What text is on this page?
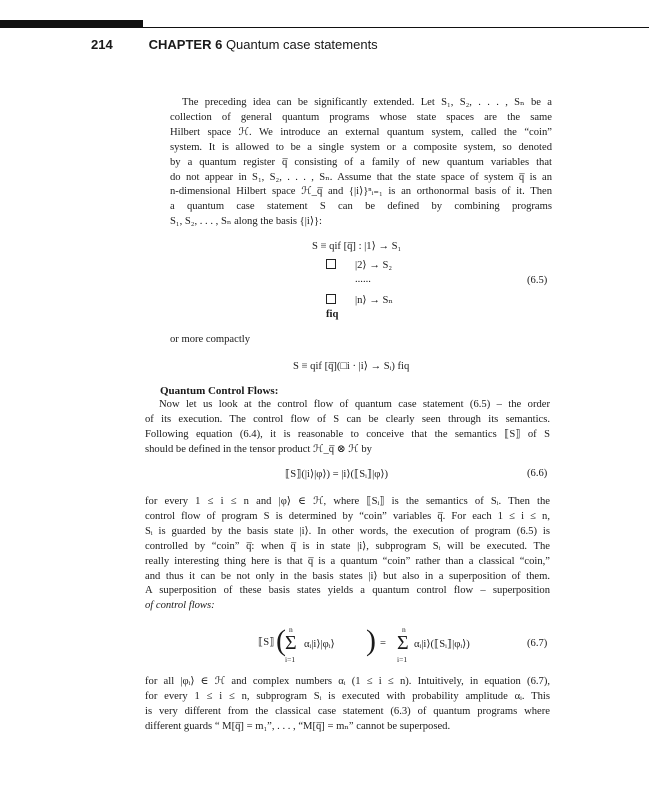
214	CHAPTER 6 Quantum case statements
The preceding idea can be significantly extended. Let S₁, S₂, . . . , Sₙ be a
collection of general quantum programs whose state spaces are the same
Hilbert space ℋ. We introduce an external quantum system, called the “coin”
system. It is allowed to be a single system or a composite system, so denoted
by a quantum register q̅ consisting of a family of new quantum variables that
do not appear in S₁, S₂, . . . , Sₙ. Assume that the state space of system q̅ is an
n-dimensional Hilbert space ℋ_q̅ and {|i⟩}ⁿᵢ₌₁ is an orthonormal basis of it. Then
a quantum case statement S can be defined by combining programs
S₁, S₂, . . . , Sₙ along the basis {|i⟩}:
S ≡ qif [q̅] : |1⟩ → S₁
|2⟩ → S₂
......
|n⟩ → Sₙ
fiq
(6.5)
or more compactly
S ≡ qif [q̅](□i · |i⟩ → Sᵢ) fiq
Quantum Control Flows:
Now let us look at the control flow of quantum case statement (6.5) – the order
of its execution. The control flow of S can be clearly seen through its semantics.
Following equation (6.4), it is reasonable to conceive that the semantics ⟦S⟧ of S
should be defined in the tensor product ℋ_q̅ ⊗ ℋ by
⟦S⟧(|i⟩|φ⟩) = |i⟩(⟦Sᵢ⟧|φ⟩)	(6.6)
for every 1 ≤ i ≤ n and |φ⟩ ∈ ℋ, where ⟦Sᵢ⟧ is the semantics of Sᵢ. Then the
control flow of program S is determined by “coin” variables q̅. For each 1 ≤ i ≤ n,
Sᵢ is guarded by the basis state |i⟩. In other words, the execution of program (6.5) is
controlled by “coin” q̅: when q̅ is in state |i⟩, subprogram Sᵢ will be executed. The
really interesting thing here is that q̅ is a quantum “coin” rather than a classical “coin,”
and thus it can be not only in the basis states |i⟩ but also in a superposition of them.
A superposition of these basis states yields a quantum control flow – superposition
of control flows:
⟦S⟧ ( n
Σ
i=1
αᵢ|i⟩|φᵢ⟩ ) =
n
Σ
i=1
αᵢ|i⟩(⟦Sᵢ⟧|φᵢ⟩)	(6.7)
for all |φᵢ⟩ ∈ ℋ and complex numbers αᵢ (1 ≤ i ≤ n). Intuitively, in equation (6.7),
for every 1 ≤ i ≤ n, subprogram Sᵢ is executed with probability amplitude αᵢ. This
is very different from the classical case statement (6.3) of quantum programs where
different guards “ M[q̅] = m₁”, . . . , “M[q̅] = mₙ” cannot be superposed.
